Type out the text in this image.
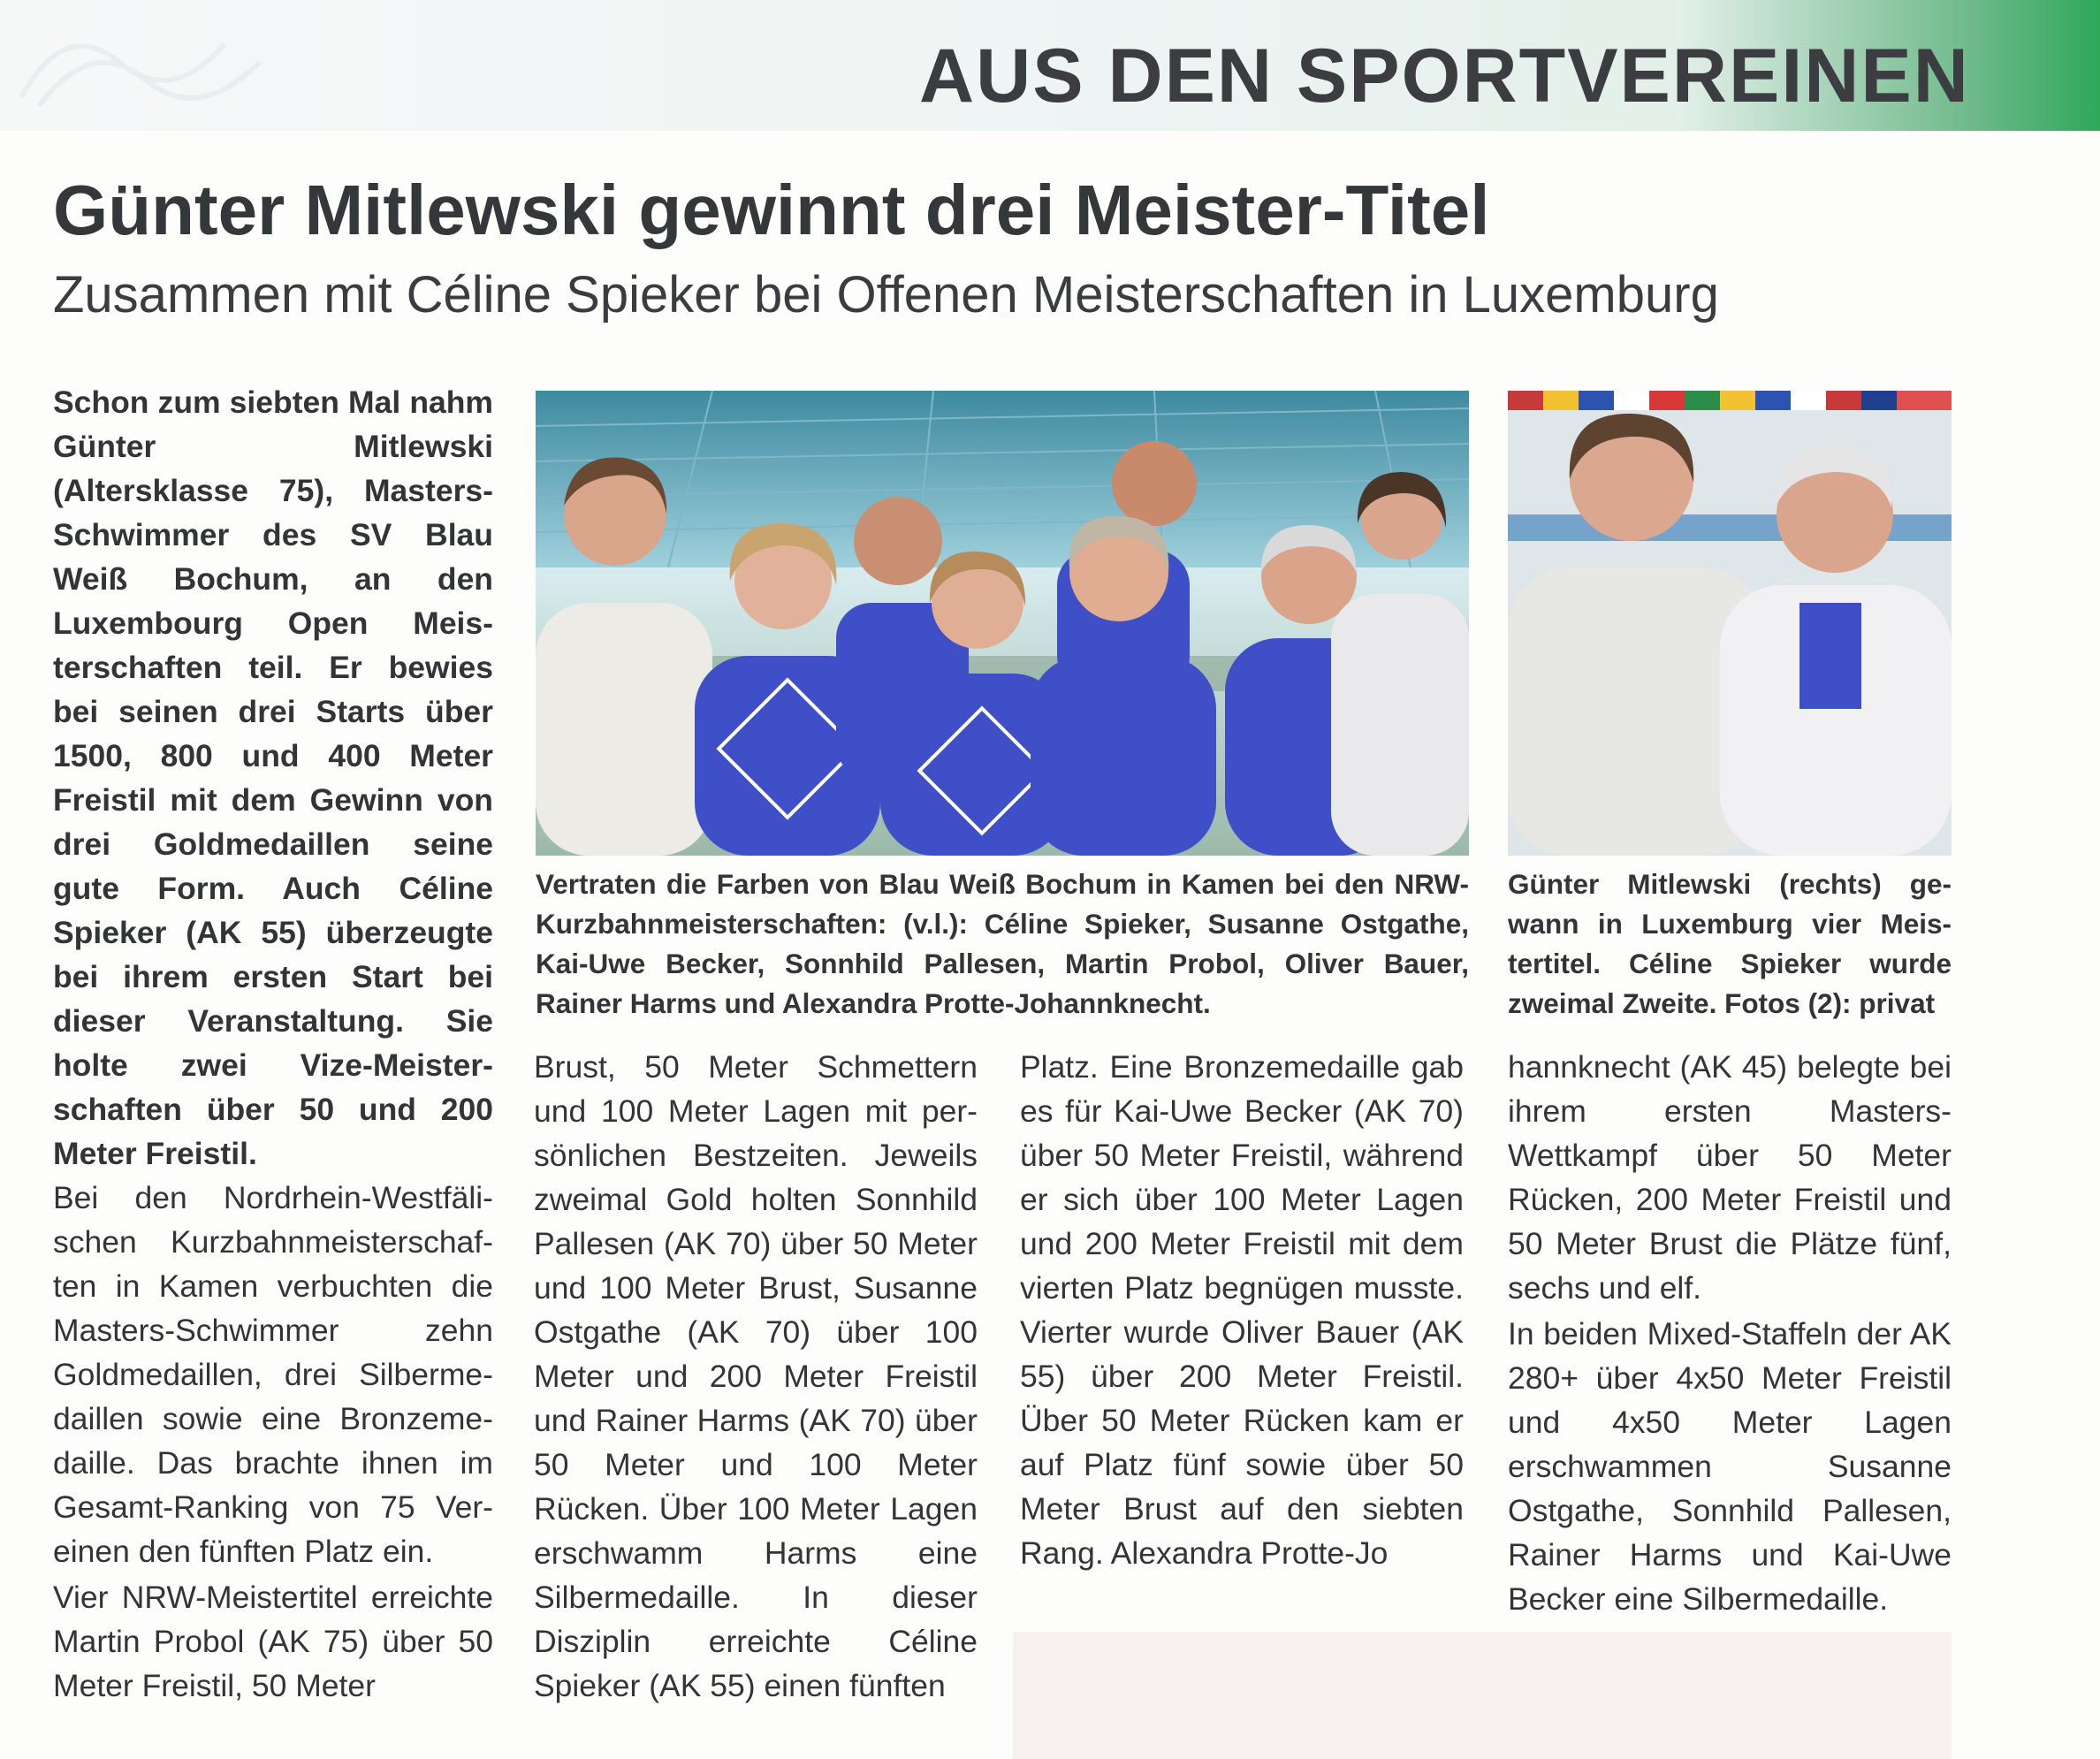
AUS DEN SPORTVEREINEN
Günter Mitlewski gewinnt drei Meister-Titel
Zusammen mit Céline Spieker bei Offenen Meisterschaften in Luxemburg

Schon zum siebten Mal nahm Günter Mitlewski (Altersklasse 75), Masters-Schwimmer des SV Blau Weiß Bochum, an den Luxembourg Open Meisterschaften teil. Er bewies bei seinen drei Starts über 1500, 800 und 400 Meter Freistil mit dem Gewinn von drei Goldmedaillen seine gute Form. Auch Céline Spieker (AK 55) überzeugte bei ihrem ersten Start bei dieser Veranstaltung. Sie holte zwei Vize-Meisterschaften über 50 und 200 Meter Freistil.

Bei den Nordrhein-Westfälischen Kurzbahnmeisterschaften in Kamen verbuchten die Masters-Schwimmer zehn Goldmedaillen, drei Silbermedaillen sowie eine Bronzemedaille. Das brachte ihnen im Gesamt-Ranking von 75 Vereinen den fünften Platz ein.

Vier NRW-Meistertitel erreichte Martin Probol (AK 75) über 50 Meter Freistil, 50 Meter

Vertraten die Farben von Blau Weiß Bochum in Kamen bei den NRW-Kurzbahnmeisterschaften: (v.l.): Céline Spieker, Susanne Ostgathe, Kai-Uwe Becker, Sonnhild Pallesen, Martin Probol, Oliver Bauer, Rainer Harms und Alexandra Protte-Johannknecht.
Günter Mitlewski (rechts) gewann in Luxemburg vier Meistertitel. Céline Spieker wurde zweimal Zweite. Fotos (2): privat

Brust, 50 Meter Schmettern und 100 Meter Lagen mit persönlichen Bestzeiten. Jeweils zweimal Gold holten Sonnhild Pallesen (AK 70) über 50 Meter und 100 Meter Brust, Susanne Ostgathe (AK 70) über 100 Meter und 200 Meter Freistil und Rainer Harms (AK 70) über 50 Meter und 100 Meter Rücken. Über 100 Meter Lagen erschwamm Harms eine Silbermedaille. In dieser Disziplin erreichte Céline Spieker (AK 55) einen fünften

Platz. Eine Bronzemedaille gab es für Kai-Uwe Becker (AK 70) über 50 Meter Freistil, während er sich über 100 Meter Lagen und 200 Meter Freistil mit dem vierten Platz begnügen musste. Vierter wurde Oliver Bauer (AK 55) über 200 Meter Freistil. Über 50 Meter Rücken kam er auf Platz fünf sowie über 50 Meter Brust auf den siebten Rang. Alexandra Protte-Jo

hannknecht (AK 45) belegte bei ihrem ersten Masters-Wettkampf über 50 Meter Rücken, 200 Meter Freistil und 50 Meter Brust die Plätze fünf, sechs und elf.

In beiden Mixed-Staffeln der AK 280+ über 4x50 Meter Freistil und 4x50 Meter Lagen erschwammen Susanne Ostgathe, Sonnhild Pallesen, Rainer Harms und Kai-Uwe Becker eine Silbermedaille.
